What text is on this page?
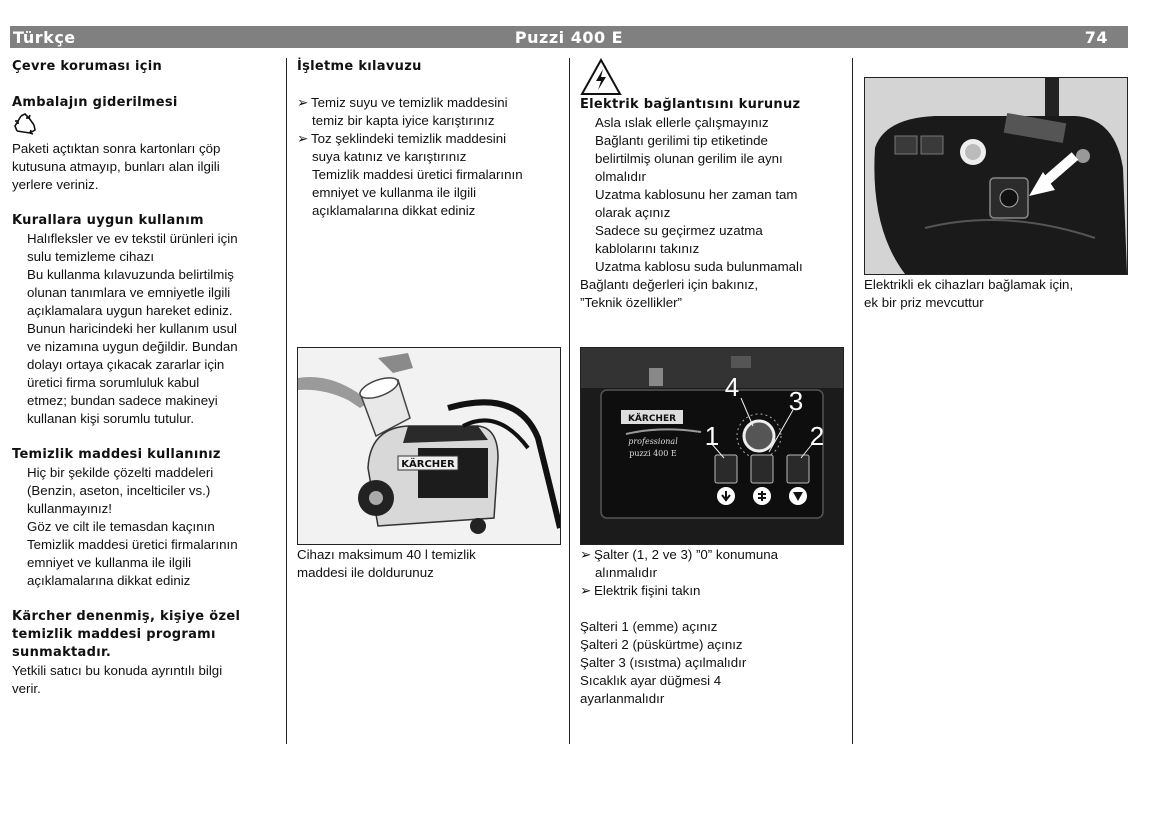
Puzzi 400 E
Türkçe	74

Çevre koruması için

Ambalajın giderilmesi

Paketi açtıktan sonra kartonları çöp

kutusuna atmayıp, bunları alan ilgili

yerlere veriniz.

Kurallara uygun kullanım

Halıfleksler ve ev tekstil ürünleri için

sulu temizleme cihazı

Bu kullanma kılavuzunda belirtilmiş

olunan tanımlara ve emniyetle ilgili

açıklamalara uygun hareket ediniz.

Bunun haricindeki her kullanım usul

ve nizamına uygun değildir. Bundan

dolayı ortaya çıkacak zararlar için

üretici firma sorumluluk kabul

etmez; bundan sadece makineyi

kullanan kişi sorumlu tutulur.

Temizlik maddesi kullanınız

Hiç bir şekilde çözelti maddeleri

(Benzin, aseton, incelticiler vs.)

kullanmayınız!

Göz ve cilt ile temasdan kaçının

Temizlik maddesi üretici firmalarının

emniyet ve kullanma ile ilgili

açıklamalarına dikkat ediniz

Kärcher denenmiş, kişiye özel

temizlik maddesi programı

sunmaktadır.

Yetkili satıcı bu konuda ayrıntılı bilgi

verir.

İşletme kılavuzu

➢ Temiz suyu ve temizlik maddesini

temiz bir kapta iyice karıştırınız

➢ Toz şeklindeki temizlik maddesini

suya katınız ve karıştırınız

Temizlik maddesi üretici firmalarının

emniyet ve kullanma ile ilgili

açıklamalarına dikkat ediniz

KÄRCHER

Cihazı maksimum 40 l temizlik

maddesi ile doldurunuz

Elektrik bağlantısını kurunuz

Asla ıslak ellerle çalışmayınız

Bağlantı gerilimi tip etiketinde

belirtilmiş olunan gerilim ile aynı

olmalıdır

Uzatma kablosunu her zaman tam

olarak açınız

Sadece su geçirmez uzatma

kablolarını takınız

Uzatma kablosu suda bulunmamalı

Bağlantı değerleri için bakınız,

”Teknik özellikler”

KÄRCHER
professional
puzzi 400 E
1	2
3
4

➢ Şalter (1, 2 ve 3) ”0” konumuna

alınmalıdır

➢ Elektrik fişini takın

Şalteri 1 (emme) açınız

Şalteri 2 (püskürtme) açınız

Şalter 3 (ısıstma) açılmalıdır

Sıcaklık ayar düğmesi 4

ayarlanmalıdır

Elektrikli ek cihazları bağlamak için,

ek bir priz mevcuttur
